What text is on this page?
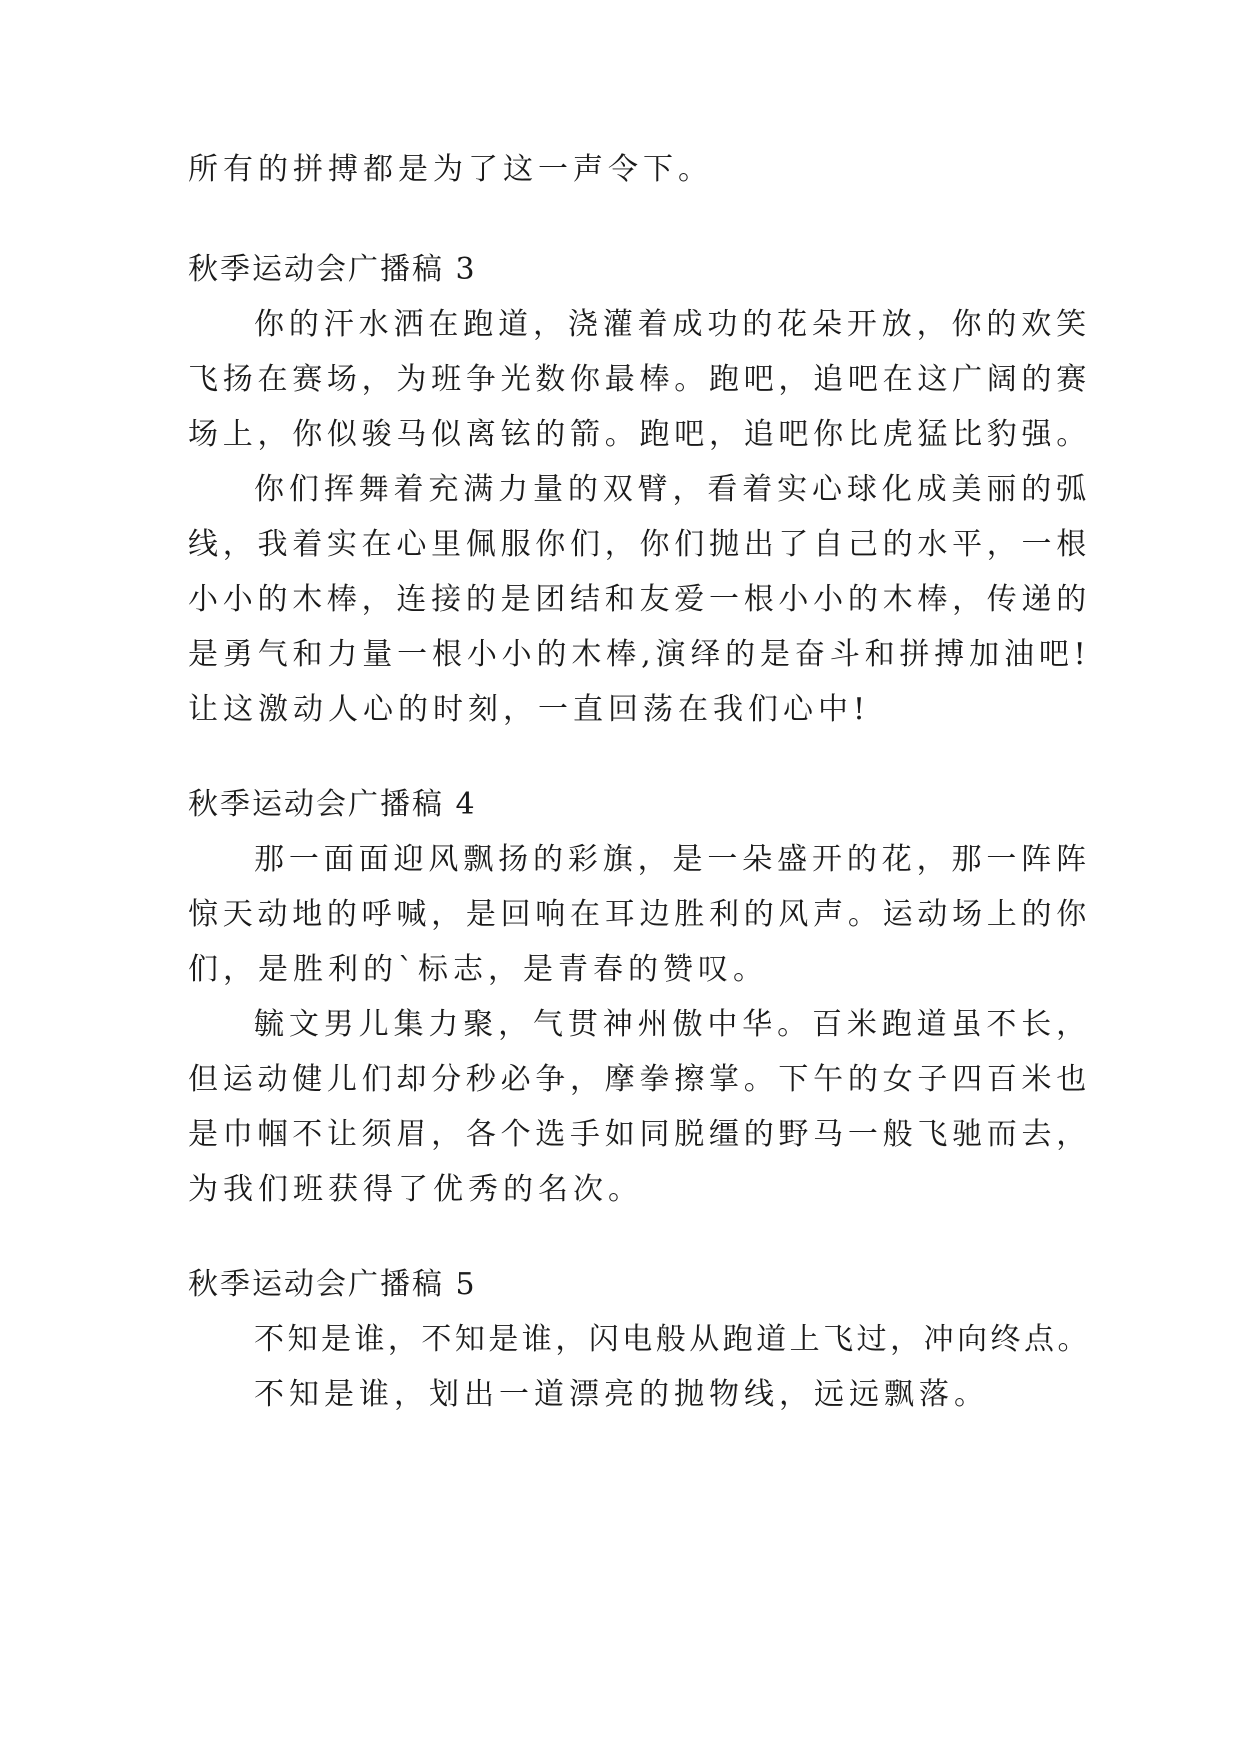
所有的拼搏都是为了这一声令下。

秋季运动会广播稿 3

你的汗水洒在跑道，浇灌着成功的花朵开放，你的欢笑

飞扬在赛场，为班争光数你最棒。跑吧，追吧在这广阔的赛

场上，你似骏马似离铉的箭。跑吧，追吧你比虎猛比豹强。

你们挥舞着充满力量的双臂，看着实心球化成美丽的弧

线，我着实在心里佩服你们，你们抛出了自己的水平，一根

小小的木棒，连接的是团结和友爱一根小小的木棒，传递的

是勇气和力量一根小小的木棒,演绎的是奋斗和拼搏加油吧!

让这激动人心的时刻，一直回荡在我们心中!

秋季运动会广播稿 4

那一面面迎风飘扬的彩旗，是一朵盛开的花，那一阵阵

惊天动地的呼喊，是回响在耳边胜利的风声。运动场上的你

们，是胜利的`标志，是青春的赞叹。

毓文男儿集力聚，气贯神州傲中华。百米跑道虽不长，

但运动健儿们却分秒必争，摩拳擦掌。下午的女子四百米也

是巾帼不让须眉，各个选手如同脱缰的野马一般飞驰而去，

为我们班获得了优秀的名次。

秋季运动会广播稿 5

不知是谁，不知是谁，闪电般从跑道上飞过，冲向终点。

不知是谁，划出一道漂亮的抛物线，远远飘落。
